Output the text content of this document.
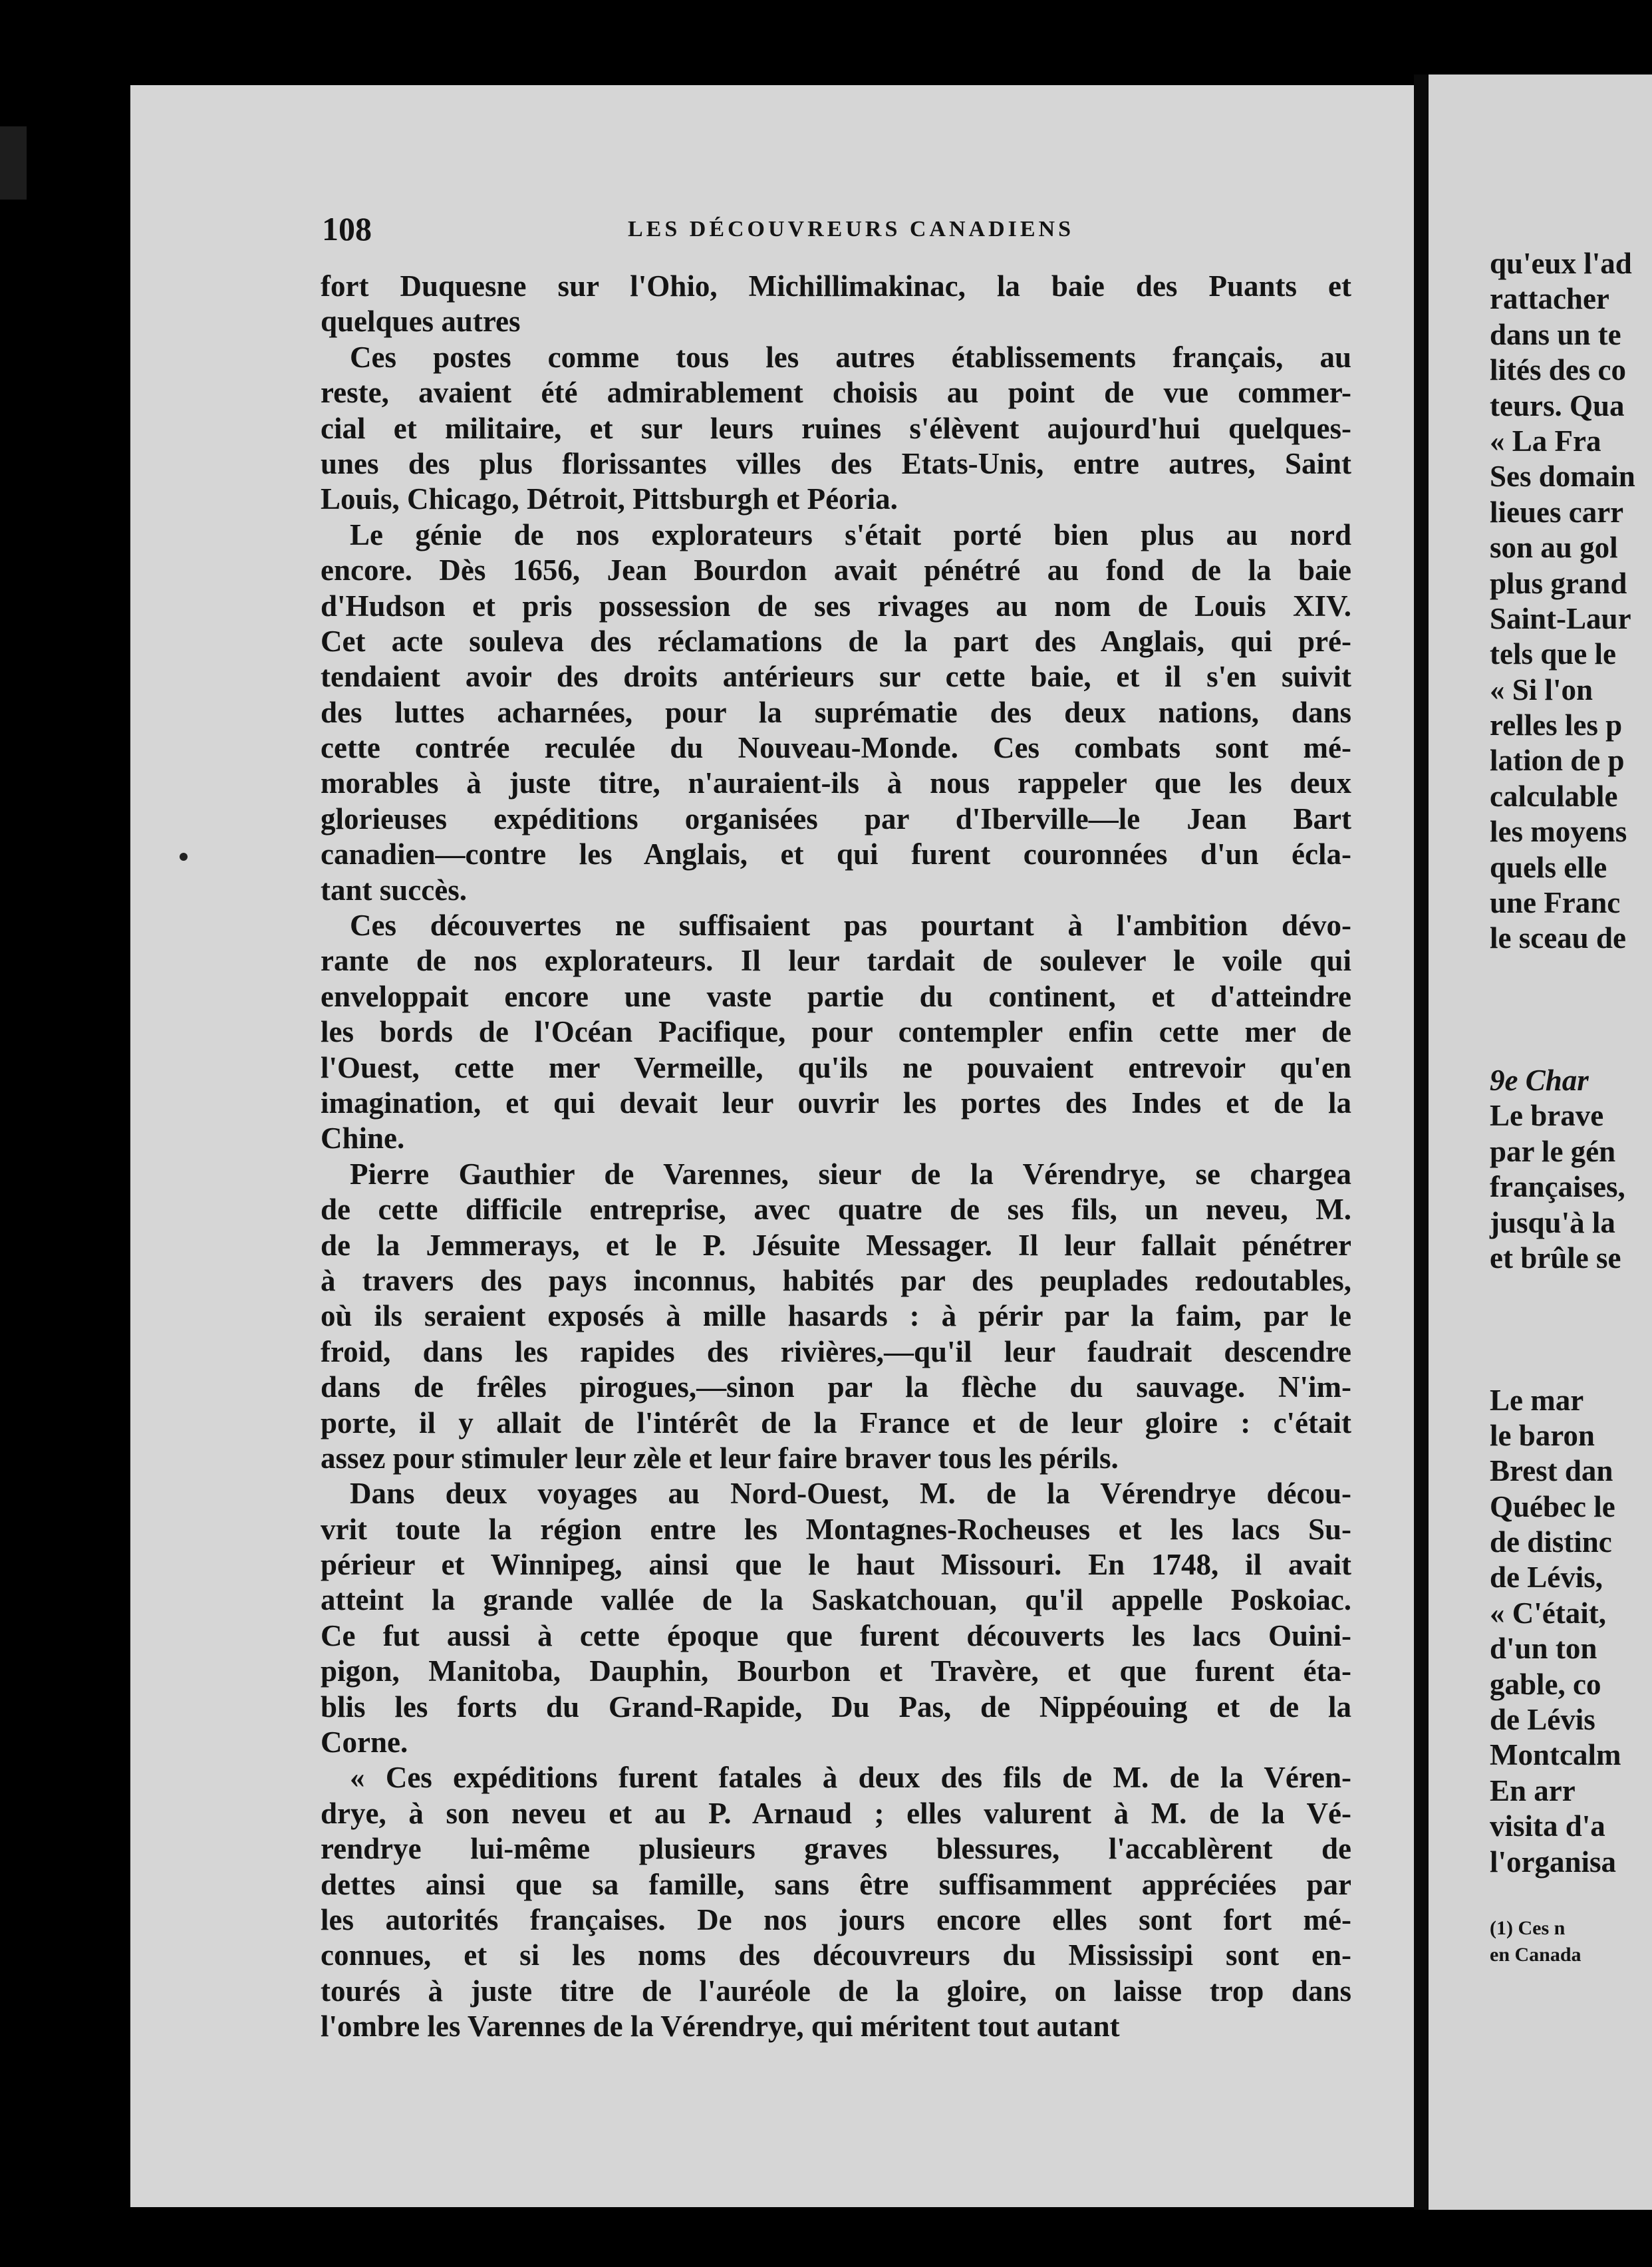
108	LES DÉCOUVREURS CANADIENS
fort Duquesne sur l'Ohio, Michillimakinac, la baie des Puants et
quelques autres
Ces postes comme tous les autres établissements français, au
reste, avaient été admirablement choisis au point de vue commer-
cial et militaire, et sur leurs ruines s'élèvent aujourd'hui quelques-
unes des plus florissantes villes des Etats-Unis, entre autres, Saint
Louis, Chicago, Détroit, Pittsburgh et Péoria.
Le génie de nos explorateurs s'était porté bien plus au nord
encore. Dès 1656, Jean Bourdon avait pénétré au fond de la baie
d'Hudson et pris possession de ses rivages au nom de Louis XIV.
Cet acte souleva des réclamations de la part des Anglais, qui pré-
tendaient avoir des droits antérieurs sur cette baie, et il s'en suivit
des luttes acharnées, pour la suprématie des deux nations, dans
cette contrée reculée du Nouveau-Monde. Ces combats sont mé-
morables à juste titre, n'auraient-ils à nous rappeler que les deux
glorieuses expéditions organisées par d'Iberville—le Jean Bart
canadien—contre les Anglais, et qui furent couronnées d'un écla-
tant succès.
Ces découvertes ne suffisaient pas pourtant à l'ambition dévo-
rante de nos explorateurs. Il leur tardait de soulever le voile qui
enveloppait encore une vaste partie du continent, et d'atteindre
les bords de l'Océan Pacifique, pour contempler enfin cette mer de
l'Ouest, cette mer Vermeille, qu'ils ne pouvaient entrevoir qu'en
imagination, et qui devait leur ouvrir les portes des Indes et de la
Chine.
Pierre Gauthier de Varennes, sieur de la Vérendrye, se chargea
de cette difficile entreprise, avec quatre de ses fils, un neveu, M.
de la Jemmerays, et le P. Jésuite Messager. Il leur fallait pénétrer
à travers des pays inconnus, habités par des peuplades redoutables,
où ils seraient exposés à mille hasards : à périr par la faim, par le
froid, dans les rapides des rivières,—qu'il leur faudrait descendre
dans de frêles pirogues,—sinon par la flèche du sauvage. N'im-
porte, il y allait de l'intérêt de la France et de leur gloire : c'était
assez pour stimuler leur zèle et leur faire braver tous les périls.
Dans deux voyages au Nord-Ouest, M. de la Vérendrye décou-
vrit toute la région entre les Montagnes-Rocheuses et les lacs Su-
périeur et Winnipeg, ainsi que le haut Missouri. En 1748, il avait
atteint la grande vallée de la Saskatchouan, qu'il appelle Poskoiac.
Ce fut aussi à cette époque que furent découverts les lacs Ouini-
pigon, Manitoba, Dauphin, Bourbon et Travère, et que furent éta-
blis les forts du Grand-Rapide, Du Pas, de Nippéouing et de la
Corne.
« Ces expéditions furent fatales à deux des fils de M. de la Véren-
drye, à son neveu et au P. Arnaud ; elles valurent à M. de la Vé-
rendrye lui-même plusieurs graves blessures, l'accablèrent de
dettes ainsi que sa famille, sans être suffisamment appréciées par
les autorités françaises. De nos jours encore elles sont fort mé-
connues, et si les noms des découvreurs du Mississipi sont en-
tourés à juste titre de l'auréole de la gloire, on laisse trop dans
l'ombre les Varennes de la Vérendrye, qui méritent tout autant
qu'eux l'ad
rattacher
dans un te
lités des co
teurs. Qua
« La Fra
Ses domain
lieues carr
son au gol
plus grand
Saint-Laur
tels que le
« Si l'on
relles les p
lation de p
calculable
les moyens
quels elle
une Franc
le sceau de
9e Char
Le brave
par le gén
françaises,
jusqu'à la
et brûle se
Le mar
le baron
Brest dan
Québec le
de distinc
de Lévis,
« C'était,
d'un ton
gable, co
de Lévis
Montcalm
En arr
visita d'a
l'organisa
(1) Ces n
en Canada
